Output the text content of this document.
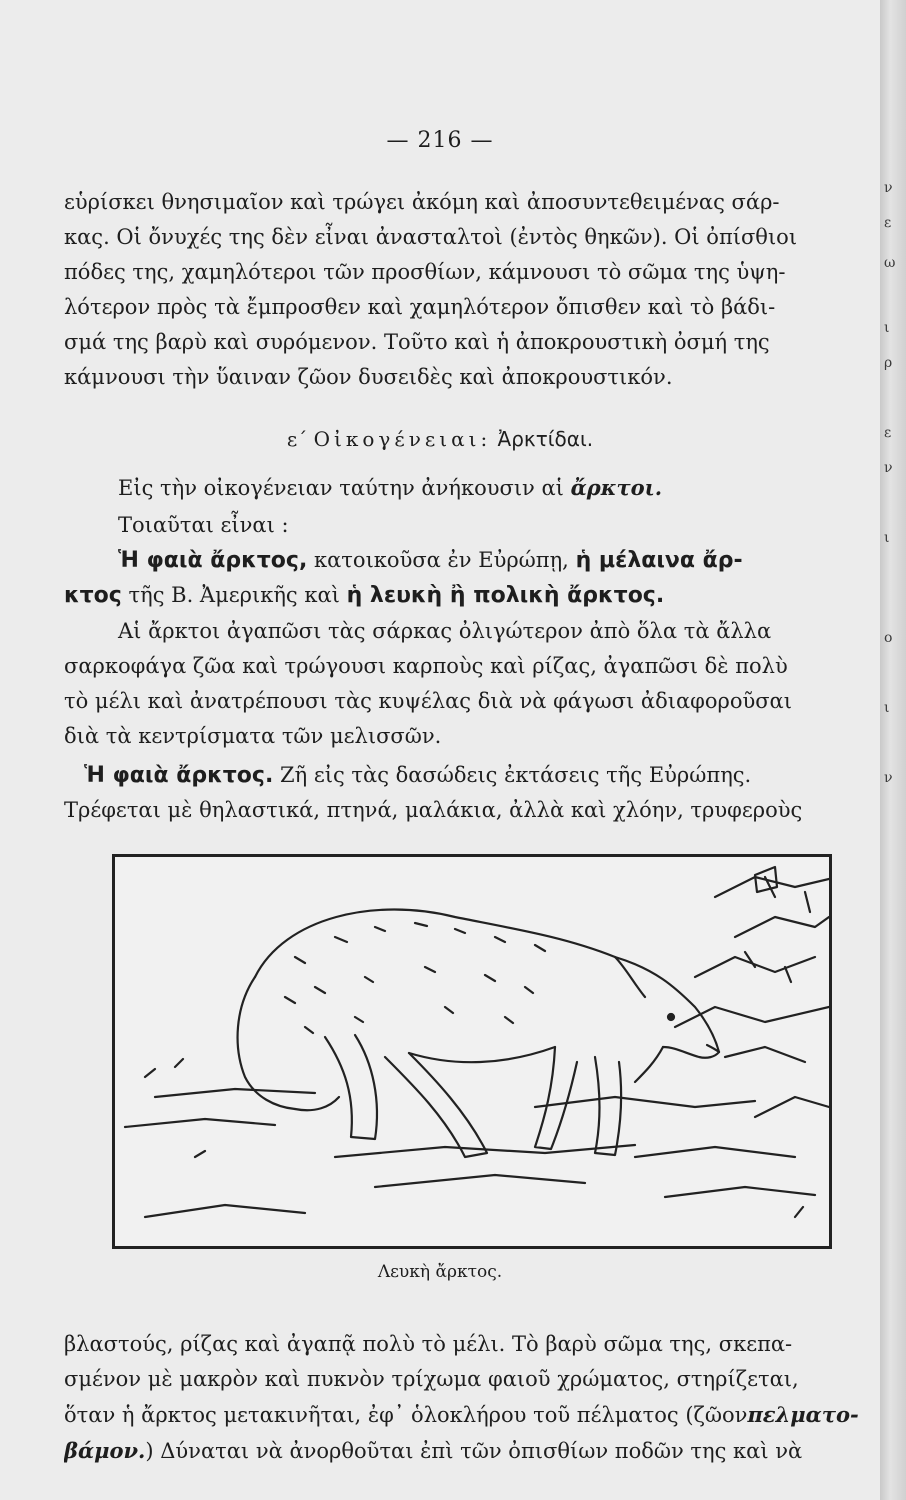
— 216 —
εὑρίσκει θνησιμαῖον καὶ τρώγει ἀκόμη καὶ ἀποσυντεθειμένας σάρ-
κας. Οἱ ὄνυχές της δὲν εἶναι ἀνασταλτοὶ (ἐντὸς θηκῶν). Οἱ ὀπίσθιοι
πόδες της, χαμηλότεροι τῶν προσθίων, κάμνουσι τὸ σῶμα της ὑψη-
λότερον πρὸς τὰ ἔμπροσθεν καὶ χαμηλότερον ὄπισθεν καὶ τὸ βάδι-
σμά της βαρὺ καὶ συρόμενον. Τοῦτο καὶ ἡ ἀποκρουστικὴ ὀσμή της
κάμνουσι τὴν ὕαιναν ζῶον δυσειδὲς καὶ ἀποκρουστικόν.
ε΄ Οἰκογένειαι: Ἀρκτίδαι.
Εἰς τὴν οἰκογένειαν ταύτην ἀνήκουσιν αἱ ἄρκτοι.
Τοιαῦται εἶναι :
Ἡ φαιὰ ἄρκτος, κατοικοῦσα ἐν Εὐρώπῃ, ἡ μέλαινα ἄρ-
κτος τῆς Β. Ἀμερικῆς καὶ ἡ λευκὴ ἢ πολικὴ ἄρκτος.
Αἱ ἄρκτοι ἀγαπῶσι τὰς σάρκας ὀλιγώτερον ἀπὸ ὅλα τὰ ἄλλα
σαρκοφάγα ζῶα καὶ τρώγουσι καρποὺς καὶ ρίζας, ἀγαπῶσι δὲ πολὺ
τὸ μέλι καὶ ἀνατρέπουσι τὰς κυψέλας διὰ νὰ φάγωσι ἀδιαφοροῦσαι
διὰ τὰ κεντρίσματα τῶν μελισσῶν.
Ἡ φαιὰ ἄρκτος. Ζῆ εἰς τὰς δασώδεις ἐκτάσεις τῆς Εὐρώπης.
Τρέφεται μὲ θηλαστικά, πτηνά, μαλάκια, ἀλλὰ καὶ χλόην, τρυφεροὺς
Λευκὴ ἄρκτος.
βλαστούς, ρίζας καὶ ἀγαπᾷ πολὺ τὸ μέλι. Τὸ βαρὺ σῶμα της, σκεπα-
σμένον μὲ μακρὸν καὶ πυκνὸν τρίχωμα φαιοῦ χρώματος, στηρίζεται,
ὅταν ἡ ἄρκτος μετακινῆται, ἐφ᾽ ὁλοκλήρου τοῦ πέλματος (ζῶονπελματο-
βάμον.) Δύναται νὰ ἀνορθοῦται ἐπὶ τῶν ὀπισθίων ποδῶν της καὶ νὰ
ν
ε
ω
ι
ρ
ε
ν
ι
ο
ι
ν
